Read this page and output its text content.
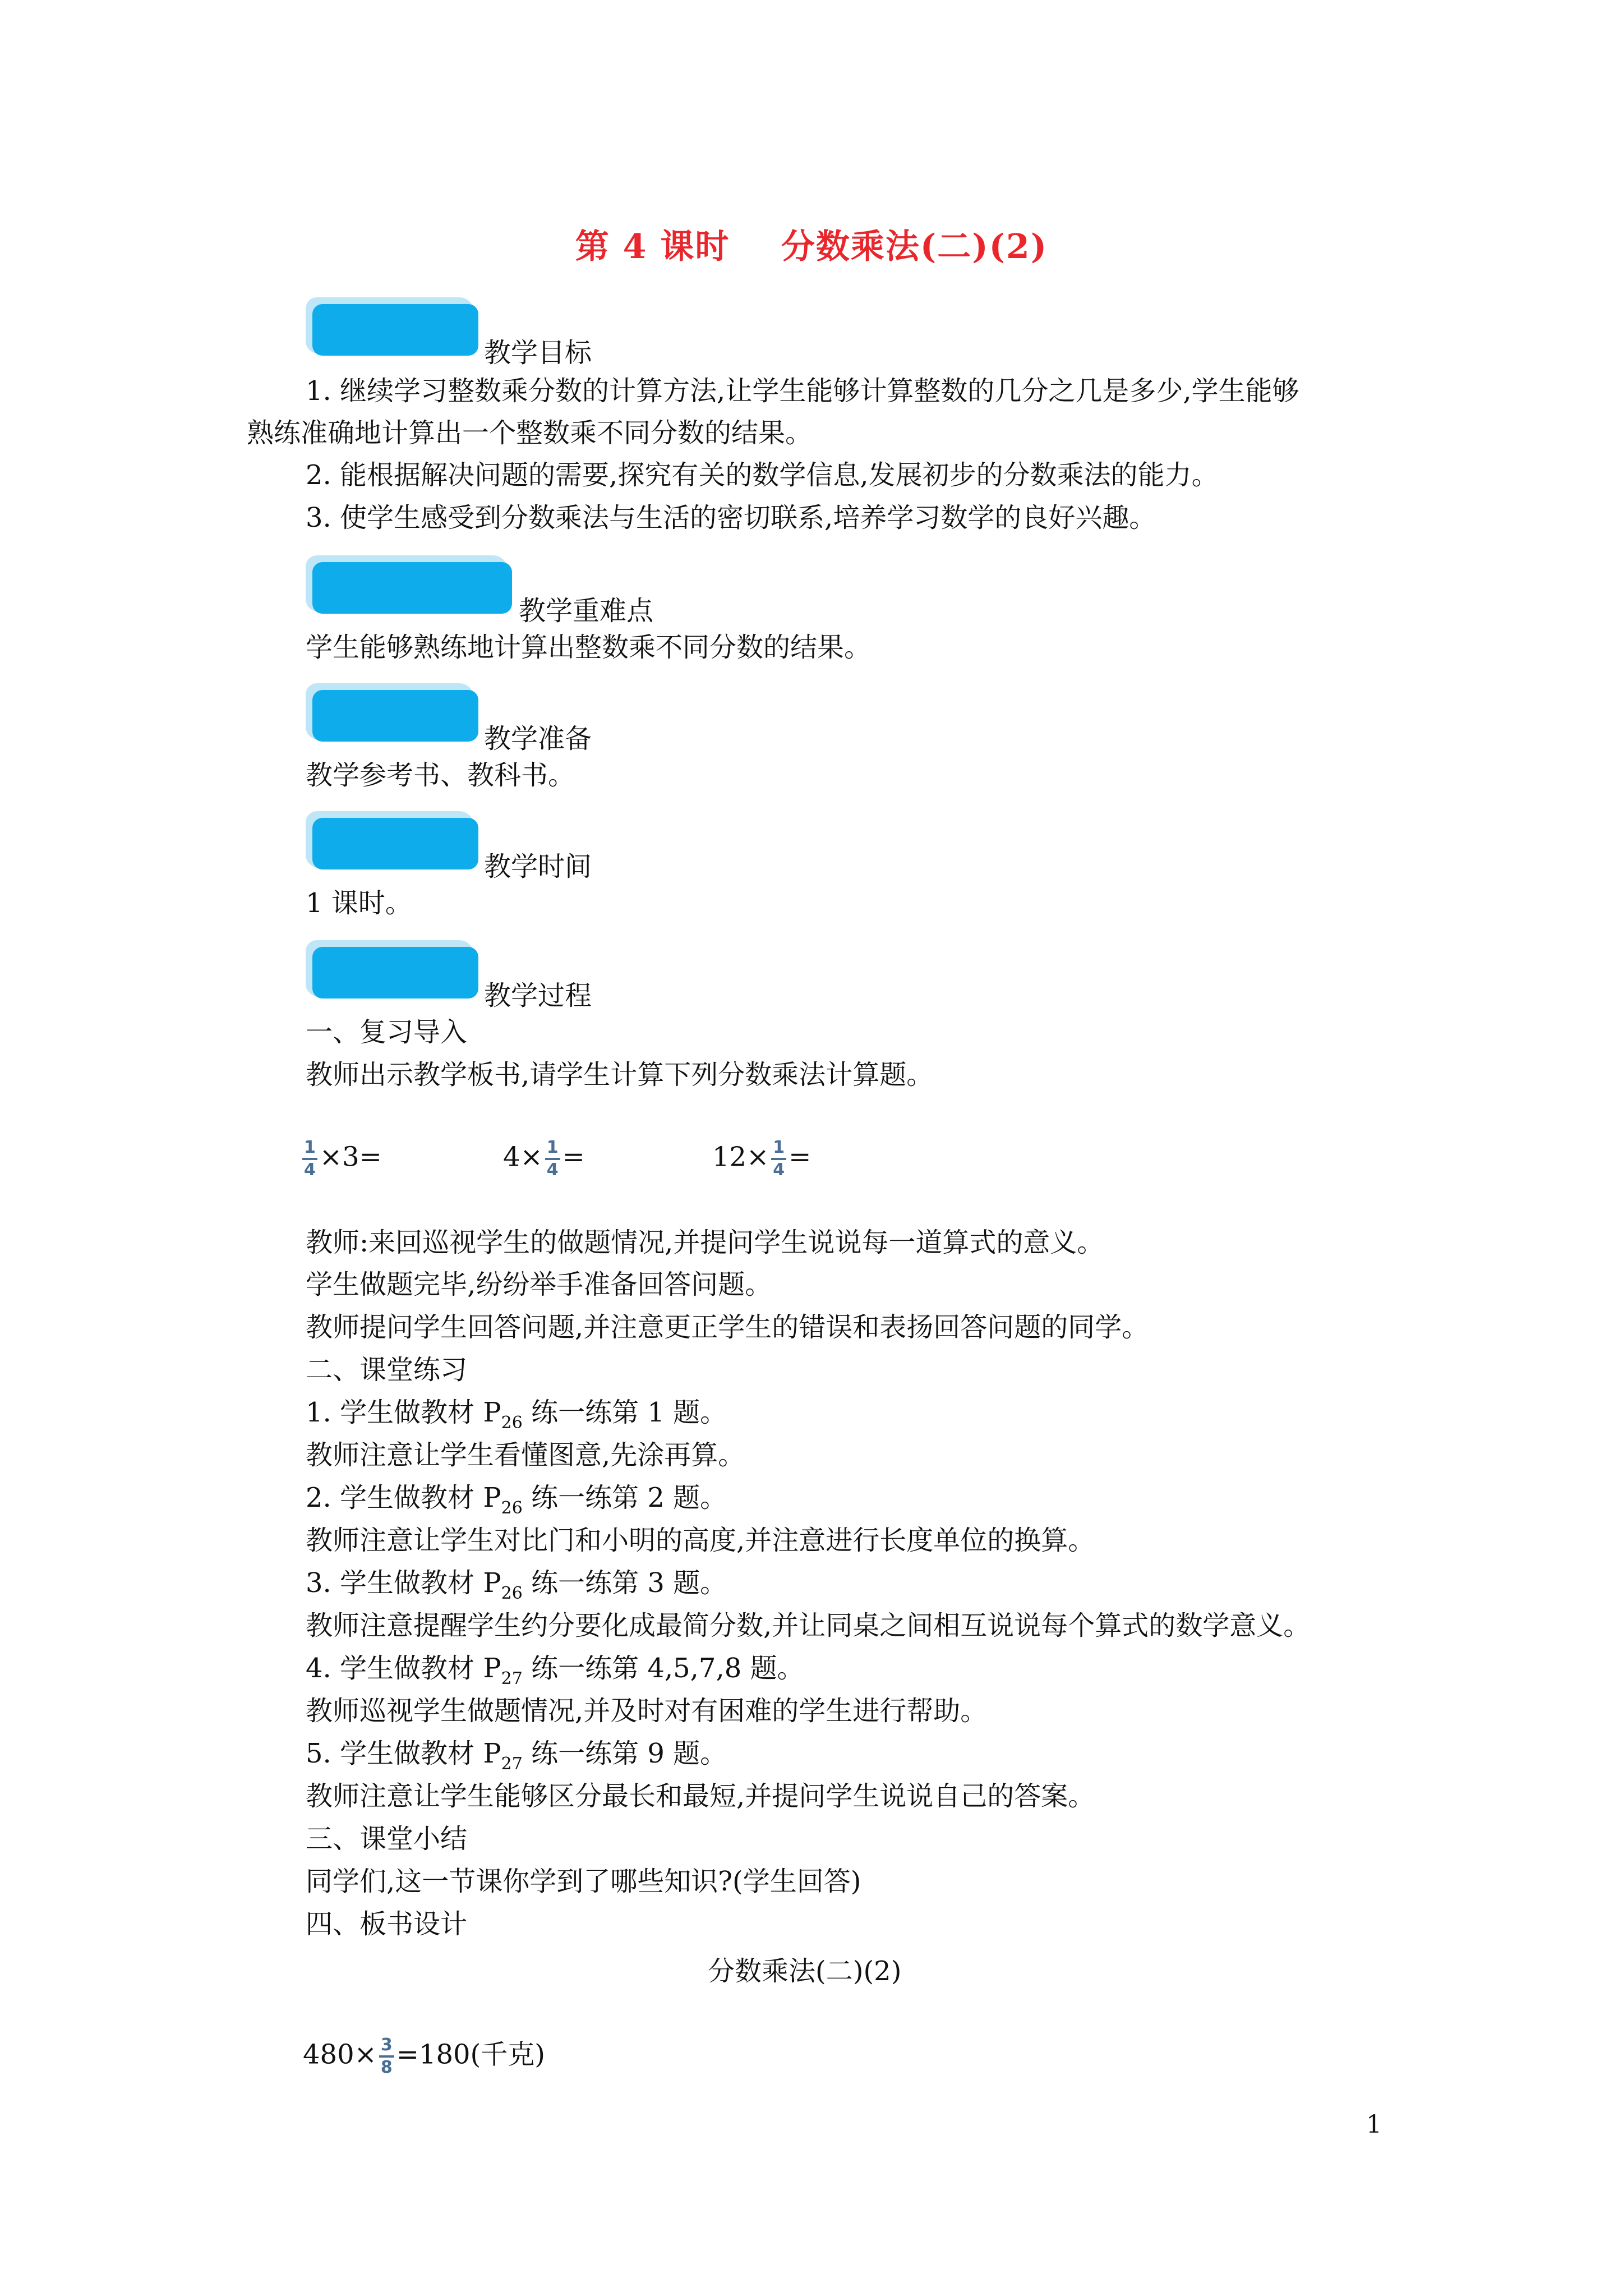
第 4 课时    分数乘法(二)(2)
教学目标
1. 继续学习整数乘分数的计算方法,让学生能够计算整数的几分之几是多少,学生能够
熟练准确地计算出一个整数乘不同分数的结果。
2. 能根据解决问题的需要,探究有关的数学信息,发展初步的分数乘法的能力。
3. 使学生感受到分数乘法与生活的密切联系,培养学习数学的良好兴趣。
教学重难点
学生能够熟练地计算出整数乘不同分数的结果。
教学准备
教学参考书、教科书。
教学时间
1 课时。
教学过程
一、复习导入
教师出示教学板书,请学生计算下列分数乘法计算题。
$\frac{1}{4} \times 3=$	$4\times \frac{1}{4}$ =	$12\times \frac{1}{4}$ =
教师:来回巡视学生的做题情况,并提问学生说说每一道算式的意义。
学生做题完毕,纷纷举手准备回答问题。
教师提问学生回答问题,并注意更正学生的错误和表扬回答问题的同学。
二、课堂练习
1. 学生做教材 $P_{26}$ 练一练第 1 题。
教师注意让学生看懂图意,先涂再算。
2. 学生做教材 $P_{26}$ 练一练第 2 题。
教师注意让学生对比门和小明的高度,并注意进行长度单位的换算。
3. 学生做教材 $P_{26}$ 练一练第 3 题。
教师注意提醒学生约分要化成最简分数,并让同桌之间相互说说每个算式的数学意义。
4. 学生做教材 $P_{27}$ 练一练第 4,5,7,8 题。
教师巡视学生做题情况,并及时对有困难的学生进行帮助。
5. 学生做教材 $P_{27}$ 练一练第 9 题。
教师注意让学生能够区分最长和最短,并提问学生说说自己的答案。
三、课堂小结
同学们,这一节课你学到了哪些知识?(学生回答)
四、板书设计
分数乘法(二)(2)
$480\times \frac{3}{8} =180$(千克)
1
